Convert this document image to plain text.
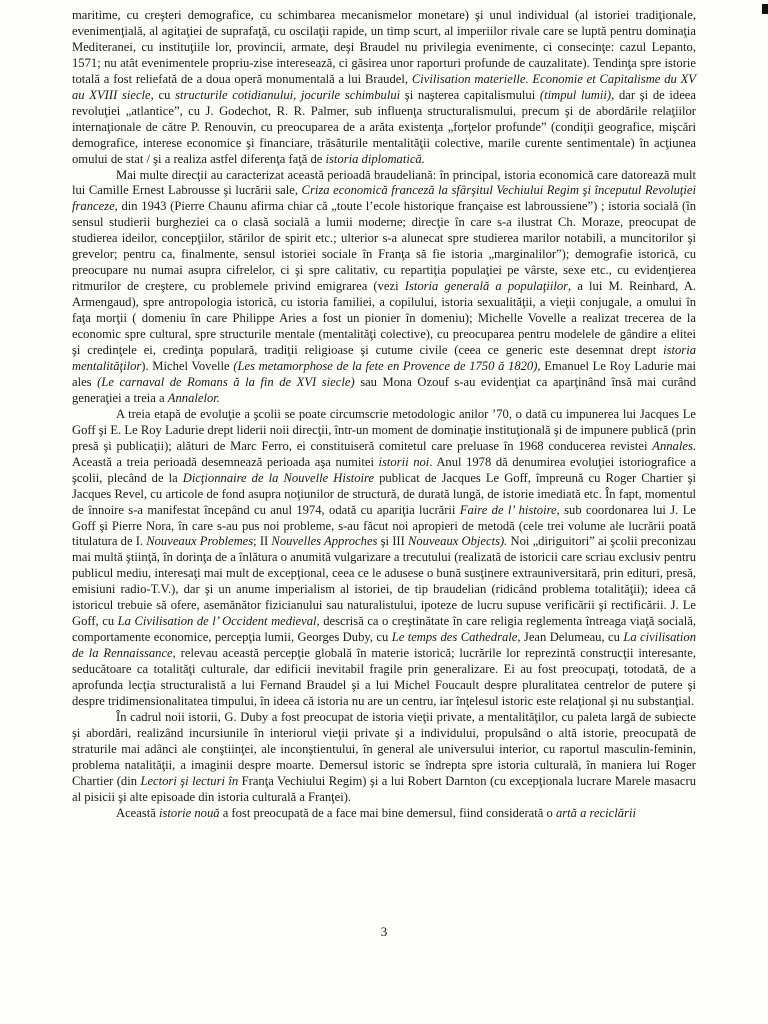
maritime, cu creşteri demografice, cu schimbarea mecanismelor monetare) şi unul individual (al istoriei tradiţionale, evenimenţială, al agitaţiei de suprafaţă, cu oscilaţii rapide, un timp scurt, al imperiilor rivale care se luptă pentru dominaţia Mediteranei, cu instituţiile lor, provincii, armate, deşi Braudel nu privilegia evenimente, ci consecinţe: cazul Lepanto, 1571; nu atât evenimentele propriu-zise interesează, ci găsirea unor raporturi profunde de cauzalitate). Tendinţa spre istorie totală a fost reliefată de a doua operă monumentală a lui Braudel, Civilisation materielle. Economie et Capitalisme du XV au XVIII siecle, cu structurile cotidianului, jocurile schimbului şi naşterea capitalismului (timpul lumii), dar şi de ideea revoluţiei „atlantice”, cu J. Godechot, R. R. Palmer, sub influenţa structuralismului, precum şi de abordările relaţiilor internaţionale de către P. Renouvin, cu preocuparea de a arăta existenţa „forţelor profunde” (condiţii geografice, mişcări demografice, interese economice şi financiare, trăsăturile mentalităţii colective, marile curente sentimentale) în acţiunea omului de stat / şi a realiza astfel diferenţa faţă de istoria diplomatică.

Mai multe direcţii au caracterizat această perioadă braudeliană: în principal, istoria economică care datorează mult lui Camille Ernest Labrousse şi lucrării sale, Criza economică franceză la sfârşitul Vechiului Regim şi începutul Revoluţiei franceze, din 1943 (Pierre Chaunu afirma chiar că „toute l’ecole historique française est labroussiene”) ; istoria socială (în sensul studierii burgheziei ca o clasă socială a lumii moderne; direcţie în care s-a ilustrat Ch. Moraze, preocupat de studierea ideilor, concepţiilor, stărilor de spirit etc.; ulterior s-a alunecat spre studierea marilor notabili, a muncitorilor şi grevelor; pentru ca, finalmente, sensul istoriei sociale în Franţa să fie istoria „marginalilor”); demografie istorică, cu preocupare nu numai asupra cifrelelor, ci şi spre calitativ, cu repartiţia populaţiei pe vârste, sexe etc., cu evidenţierea ritmurilor de creştere, cu problemele privind emigrarea (vezi Istoria generală a populaţiilor, a lui M. Reinhard, A. Armengaud), spre antropologia istorică, cu istoria familiei, a copilului, istoria sexualităţii, a vieţii conjugale, a omului în faţa morţii ( domeniu în care Philippe Aries a fost un pionier în domeniu); Michelle Vovelle a realizat trecerea de la economic spre cultural, spre structurile mentale (mentalităţi colective), cu preocuparea pentru modelele de gândire a elitei şi credinţele ei, credinţa populară, tradiţii religioase şi cutume civile (ceea ce generic este desemnat drept istoria mentalităţilor). Michel Vovelle (Les metamorphose de la fete en Provence de 1750 ă 1820), Emanuel Le Roy Ladurie mai ales (Le carnaval de Romans ă la fin de XVI siecle) sau Mona Ozouf s-au evidenţiat ca aparţinând însă mai curând generaţiei a treia a Annalelor.

A treia etapă de evoluţie a şcolii se poate circumscrie metodologic anilor ’70, o dată cu impunerea lui Jacques Le Goff şi E. Le Roy Ladurie drept liderii noii direcţii, într-un moment de dominaţie instituţională şi de impunere publică (prin presă şi publicaţii); alături de Marc Ferro, ei constituiseră comitetul care preluase în 1968 conducerea revistei Annales. Această a treia perioadă desemnează perioada aşa numitei istorii noi. Anul 1978 dă denumirea evoluţiei istoriografice a şcolii, plecând de la Dicţionnaire de la Nouvelle Histoire publicat de Jacques Le Goff, împreună cu Roger Chartier şi Jacques Revel, cu articole de fond asupra noţiunilor de structură, de durată lungă, de istorie imediată etc. În fapt, momentul de înnoire s-a manifestat începând cu anul 1974, odată cu apariţia lucrării Faire de l’ histoire, sub coordonarea lui J. Le Goff şi Pierre Nora, în care s-au pus noi probleme, s-au făcut noi apropieri de metodă (cele trei volume ale lucrării poată titulatura de I. Nouveaux Problemes; II Nouvelles Approches şi III Nouveaux Objects). Noi „diriguitori” ai şcolii preconizau mai multă ştiinţă, în dorinţa de a înlătura o anumită vulgarizare a trecutului (realizată de istoricii care scriau exclusiv pentru publicul mediu, interesaţi mai mult de excepţional, ceea ce le adusese o bună susţinere extrauniversitară, prin edituri, presă, emisiuni radio-T.V.), dar şi un anume imperialism al istoriei, de tip braudelian (ridicând problema totalităţii); ideea că istoricul trebuie să ofere, asemănător fizicianului sau naturalistului, ipoteze de lucru supuse verificării şi rectificării. J. Le Goff, cu La Civilisation de l’ Occident medieval, descrisă ca o creştinătate în care religia reglementa întreaga viaţă socială, comportamente economice, percepţia lumii, Georges Duby, cu Le temps des Cathedrale, Jean Delumeau, cu La civilisation de la Rennaissance, relevau această percepţie globală în materie istorică; lucrările lor reprezintă construcţii interesante, seducătoare ca totalităţi culturale, dar edificii inevitabil fragile prin generalizare. Ei au fost preocupaţi, totodată, de a aprofunda lecţia structuralistă a lui Fernand Braudel şi a lui Michel Foucault despre pluralitatea centrelor de putere şi despre tridimensionalitatea timpului, în ideea că istoria nu are un centru, iar înţelesul istoric este relaţional şi nu substanţial.

În cadrul noii istorii, G. Duby a fost preocupat de istoria vieţii private, a mentalităţilor, cu paleta largă de subiecte şi abordări, realizând incursiunile în interiorul vieţii private şi a individului, propulsând o altă istorie, preocupată de straturile mai adânci ale conştiinţei, ale inconştientului, în general ale universului interior, cu raportul masculin-feminin, problema natalităţii, a imaginii despre moarte. Demersul istoric se îndrepta spre istoria culturală, în maniera lui Roger Chartier (din Lectori şi lecturi în Franţa Vechiului Regim) şi a lui Robert Darnton (cu excepţionala lucrare Marele masacru al pisicii şi alte episoade din istoria culturală a Franţei).

Această istorie nouă a fost preocupată de a face mai bine demersul, fiind considerată o artă a reciclării

3
